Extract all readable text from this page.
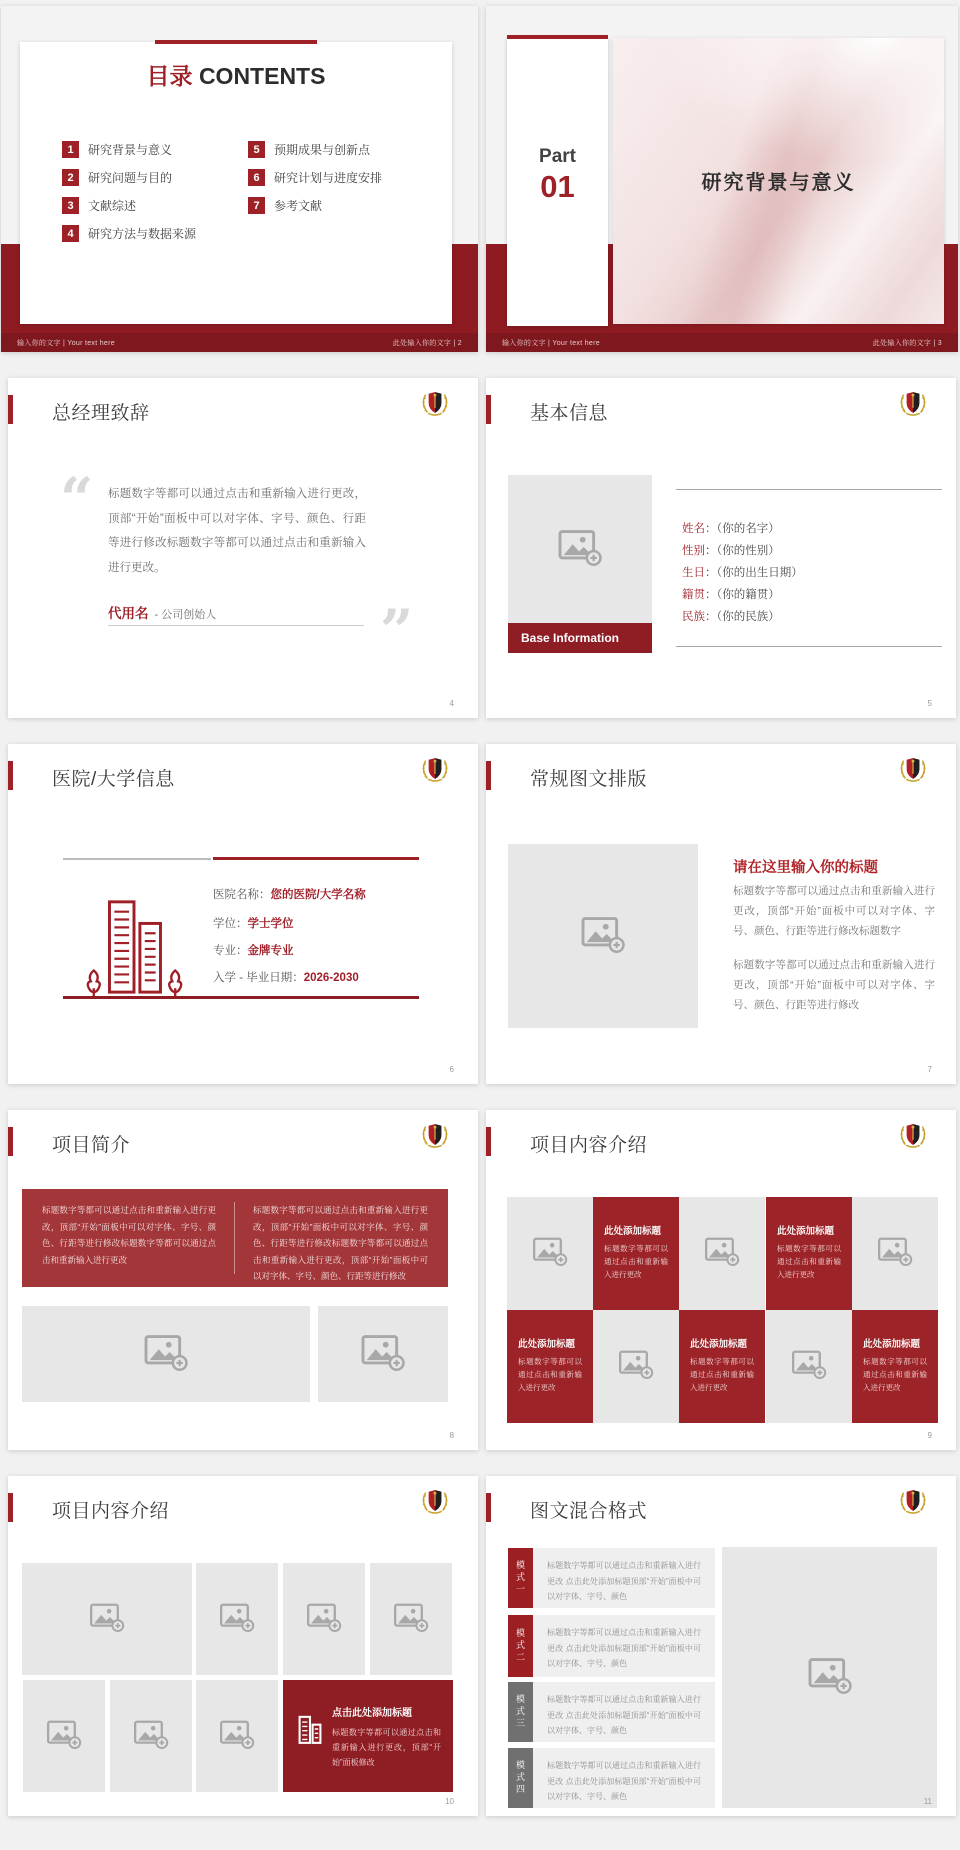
目录 CONTENTS
1	研究背景与意义
2	研究问题与目的
3	文献综述
4	研究方法与数据来源
5	预期成果与创新点
6	研究计划与进度安排
7	参考文献
输入你的文字 | Your text here	此处输入你的文字 | 2
研究背景与意义
Part
01
输入你的文字 | Your text here	此处输入你的文字 | 3
总经理致辞
“ 标题数字等都可以通过点击和重新输入进行更改，顶部“开始”面板中可以对字体、字号、颜色、行距等进行修改标题数字等都可以通过点击和重新输入进行更改。
代用名 - 公司创始人	”
4
基本信息
Base Information
姓名：（你的名字）
性别：（你的性别）
生日：（你的出生日期）
籍贯：（你的籍贯）
民族：（你的民族）
5
医院/大学信息
医院名称：您的医院/大学名称
学位：学士学位
专业：金牌专业
入学 - 毕业日期：2026-2030
6
常规图文排版
请在这里输入你的标题
标题数字等都可以通过点击和重新输入进行更改，顶部“开始”面板中可以对字体、字号、颜色、行距等进行修改标题数字
标题数字等都可以通过点击和重新输入进行更改，顶部“开始”面板中可以对字体、字号、颜色、行距等进行修改
7
项目简介
标题数字等都可以通过点击和重新输入进行更改，顶部“开始”面板中可以对字体、字号、颜色、行距等进行修改标题数字等都可以通过点击和重新输入进行更改
标题数字等都可以通过点击和重新输入进行更改，顶部“开始”面板中可以对字体、字号、颜色、行距等进行修改标题数字等都可以通过点击和重新输入进行更改，顶部“开始”面板中可以对字体、字号、颜色、行距等进行修改
8
项目内容介绍
此处添加标题
标题数字等都可以通过点击和重新输入进行更改
此处添加标题
标题数字等都可以通过点击和重新输入进行更改
此处添加标题
标题数字等都可以通过点击和重新输入进行更改
此处添加标题
标题数字等都可以通过点击和重新输入进行更改
此处添加标题
标题数字等都可以通过点击和重新输入进行更改
9
项目内容介绍
点击此处添加标题
标题数字等都可以通过点击和重新输入进行更改，顶部“开始”面板修改
10
图文混合格式
模式一	标题数字等都可以通过点击和重新输入进行更改 点击此处添加标题顶部“开始”面板中可以对字体、字号、颜色
模式二	标题数字等都可以通过点击和重新输入进行更改 点击此处添加标题顶部“开始”面板中可以对字体、字号、颜色
模式三	标题数字等都可以通过点击和重新输入进行更改 点击此处添加标题顶部“开始”面板中可以对字体、字号、颜色
模式四	标题数字等都可以通过点击和重新输入进行更改 点击此处添加标题顶部“开始”面板中可以对字体、字号、颜色
11
